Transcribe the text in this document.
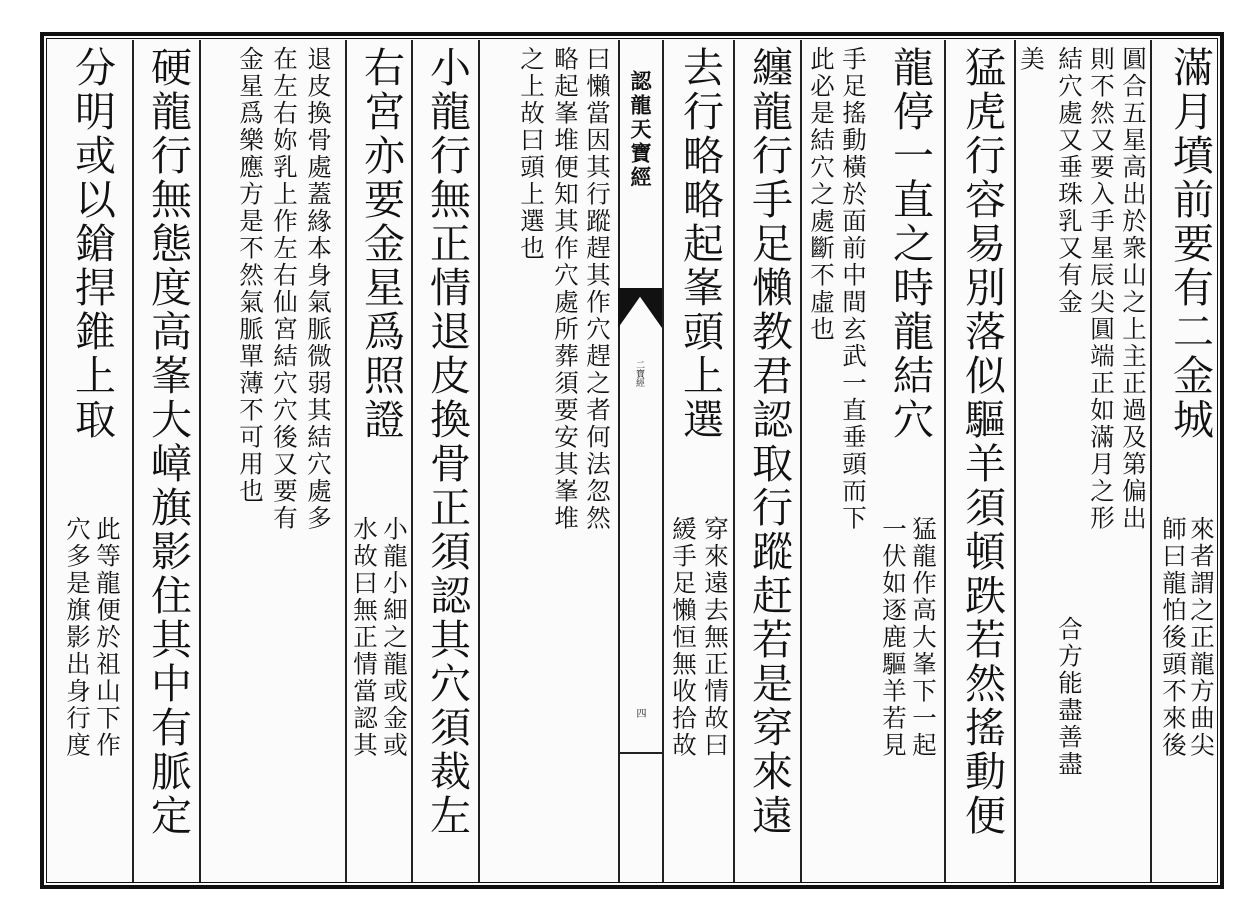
滿月墳前要有二金城
來者謂之正龍方曲尖
師曰龍怕後頭不來後
圓合五星高出於衆山之上主正過及第偏出
則不然又要入手星辰尖圓端正如滿月之形
結穴處又垂珠乳又有金
合方能盡善盡
美
猛虎行容易別落似驅羊須頓跌若然搖動便
龍停一直之時龍結穴
猛龍作高大峯下一起
一伏如逐鹿驅羊若見
手足搖動橫於面前中間玄武一直垂頭而下
此必是結穴之處斷不虛也
纏龍行手足懶教君認取行蹤赶若是穿來遠
去行略略起峯頭上選
穿來遠去無正情故曰
緩手足懶恒無收拾故
認龍天寶經
二寶經
四
曰懶當因其行蹤趕其作穴趕之者何法忽然
略起峯堆便知其作穴處所葬須要安其峯堆
之上故曰頭上選也
小龍行無正情退皮換骨正須認其穴須裁左
右宮亦要金星爲照證
小龍小細之龍或金或
水故曰無正情當認其
退皮換骨處蓋緣本身氣脈微弱其結穴處多
在左右妳乳上作左右仙宮結穴穴後又要有
金星爲樂應方是不然氣脈單薄不可用也
硬龍行無態度高峯大嶂旗影住其中有脈定
分明或以鎗捍錐上取
此等龍便於祖山下作
穴多是旗影出身行度
